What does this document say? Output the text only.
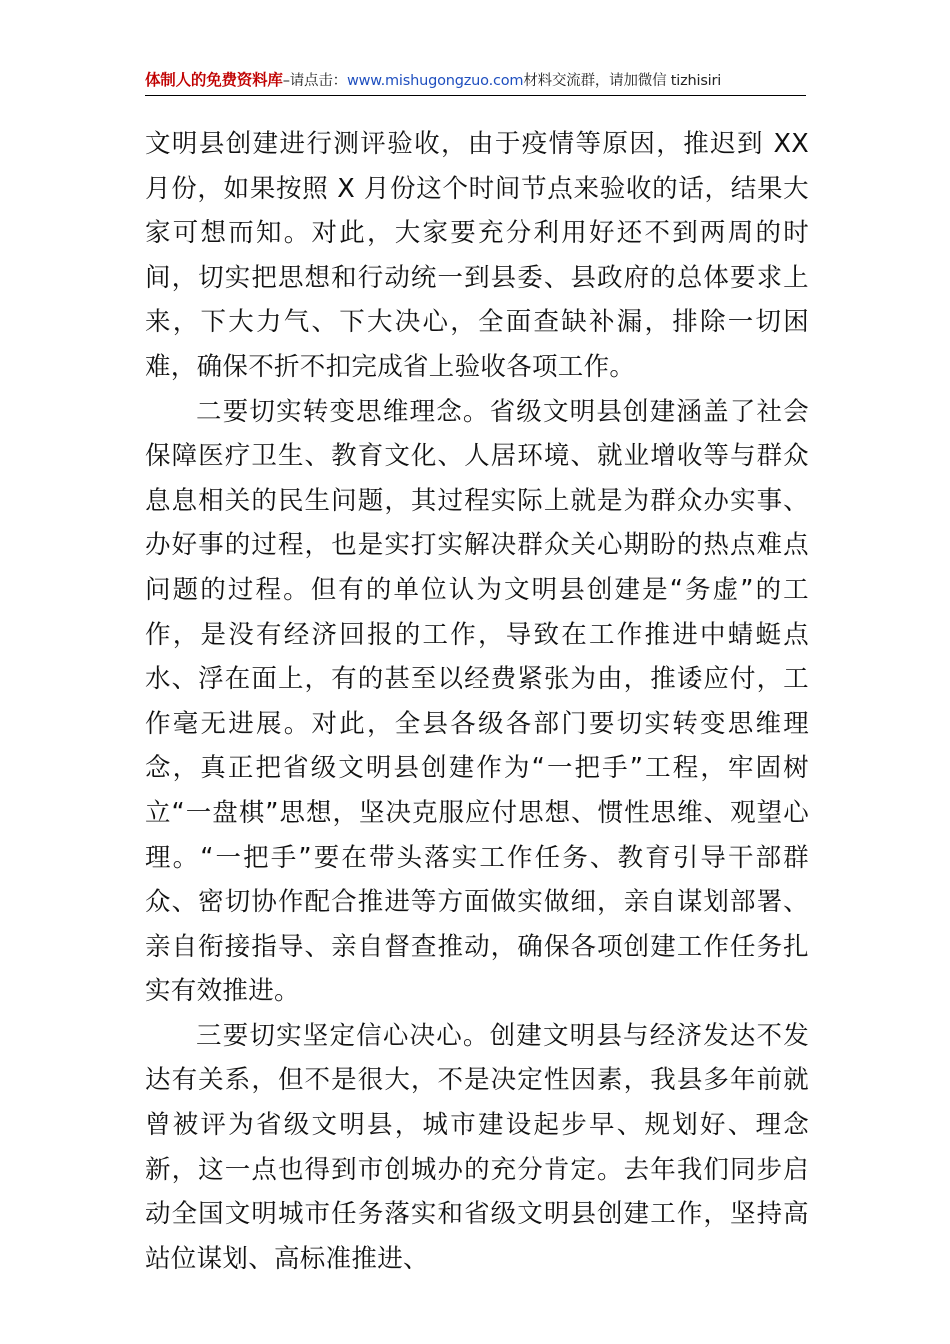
体制人的免费资料库–请点击：www.mishugongzuo.com材料交流群，请加微信 tizhisiri

文明县创建进行测评验收，由于疫情等原因，推迟到 XX 月份，如果按照 X 月份这个时间节点来验收的话，结果大家可想而知。对此，大家要充分利用好还不到两周的时间，切实把思想和行动统一到县委、县政府的总体要求上来，下大力气、下大决心，全面查缺补漏，排除一切困难，确保不折不扣完成省上验收各项工作。

二要切实转变思维理念。省级文明县创建涵盖了社会保障医疗卫生、教育文化、人居环境、就业增收等与群众息息相关的民生问题，其过程实际上就是为群众办实事、办好事的过程，也是实打实解决群众关心期盼的热点难点问题的过程。但有的单位认为文明县创建是“务虚”的工作，是没有经济回报的工作，导致在工作推进中蜻蜓点水、浮在面上，有的甚至以经费紧张为由，推诿应付，工作毫无进展。对此，全县各级各部门要切实转变思维理念，真正把省级文明县创建作为“一把手”工程，牢固树立“一盘棋”思想，坚决克服应付思想、惯性思维、观望心理。“一把手”要在带头落实工作任务、教育引导干部群众、密切协作配合推进等方面做实做细，亲自谋划部署、亲自衔接指导、亲自督查推动，确保各项创建工作任务扎实有效推进。

三要切实坚定信心决心。创建文明县与经济发达不发达有关系，但不是很大，不是决定性因素，我县多年前就曾被评为省级文明县，城市建设起步早、规划好、理念新，这一点也得到市创城办的充分肯定。去年我们同步启动全国文明城市任务落实和省级文明县创建工作，坚持高站位谋划、高标准推进、
